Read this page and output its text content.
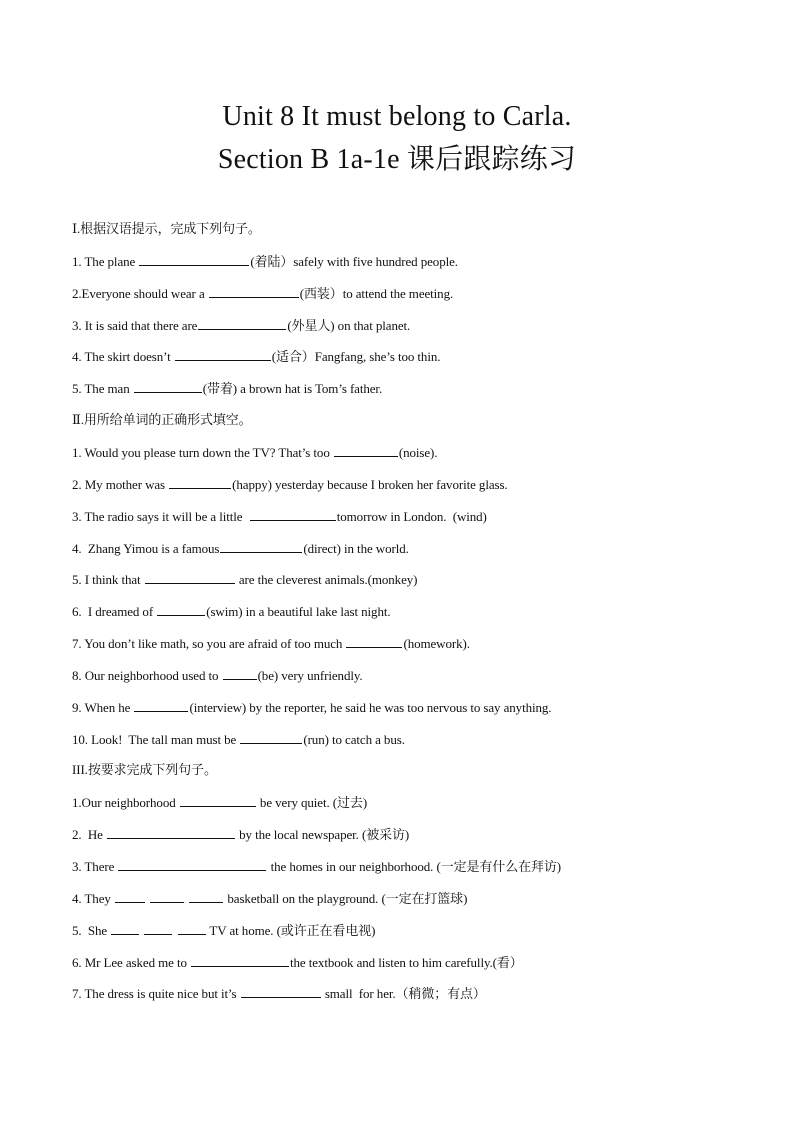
Unit 8 It must belong to Carla.
Section B 1a-1e 课后跟踪练习
Ⅰ.根据汉语提示，完成下列句子。
1. The plane	(着陆）safely with five hundred people.
2.Everyone should wear a	(西装）to attend the meeting.
3. It is said that there are	(外星人) on that planet.
4. The skirt doesn’t	(适合）Fangfang, she’s too thin.
5. The man	(带着) a brown hat is Tom’s father.
Ⅱ.用所给单词的正确形式填空。
1. Would you please turn down the TV? That’s too	(noise).
2. My mother was	(happy) yesterday because I broken her favorite glass.
3. The radio says it will be a little	tomorrow in London.  (wind)
4.  Zhang Yimou is a famous	(direct) in the world.
5. I think that	are the cleverest animals.(monkey)
6.  I dreamed of	(swim) in a beautiful lake last night.
7. You don’t like math, so you are afraid of too much	(homework).
8. Our neighborhood used to	(be) very unfriendly.
9. When he	(interview) by the reporter, he said he was too nervous to say anything.
10. Look!  The tall man must be	(run) to catch a bus.
III.按要求完成下列句子。
1.Our neighborhood	be very quiet. (过去)
2.  He	by the local newspaper. (被采访)
3. There	the homes in our neighborhood. (一定是有什么在拜访)
4. They	basketball on the playground. (一定在打篮球)
5.  She	TV at home. (或许正在看电视)
6. Mr Lee asked me to	the textbook and listen to him carefully.(看）
7. The dress is quite nice but it’s	small  for her.（稍微；有点）
